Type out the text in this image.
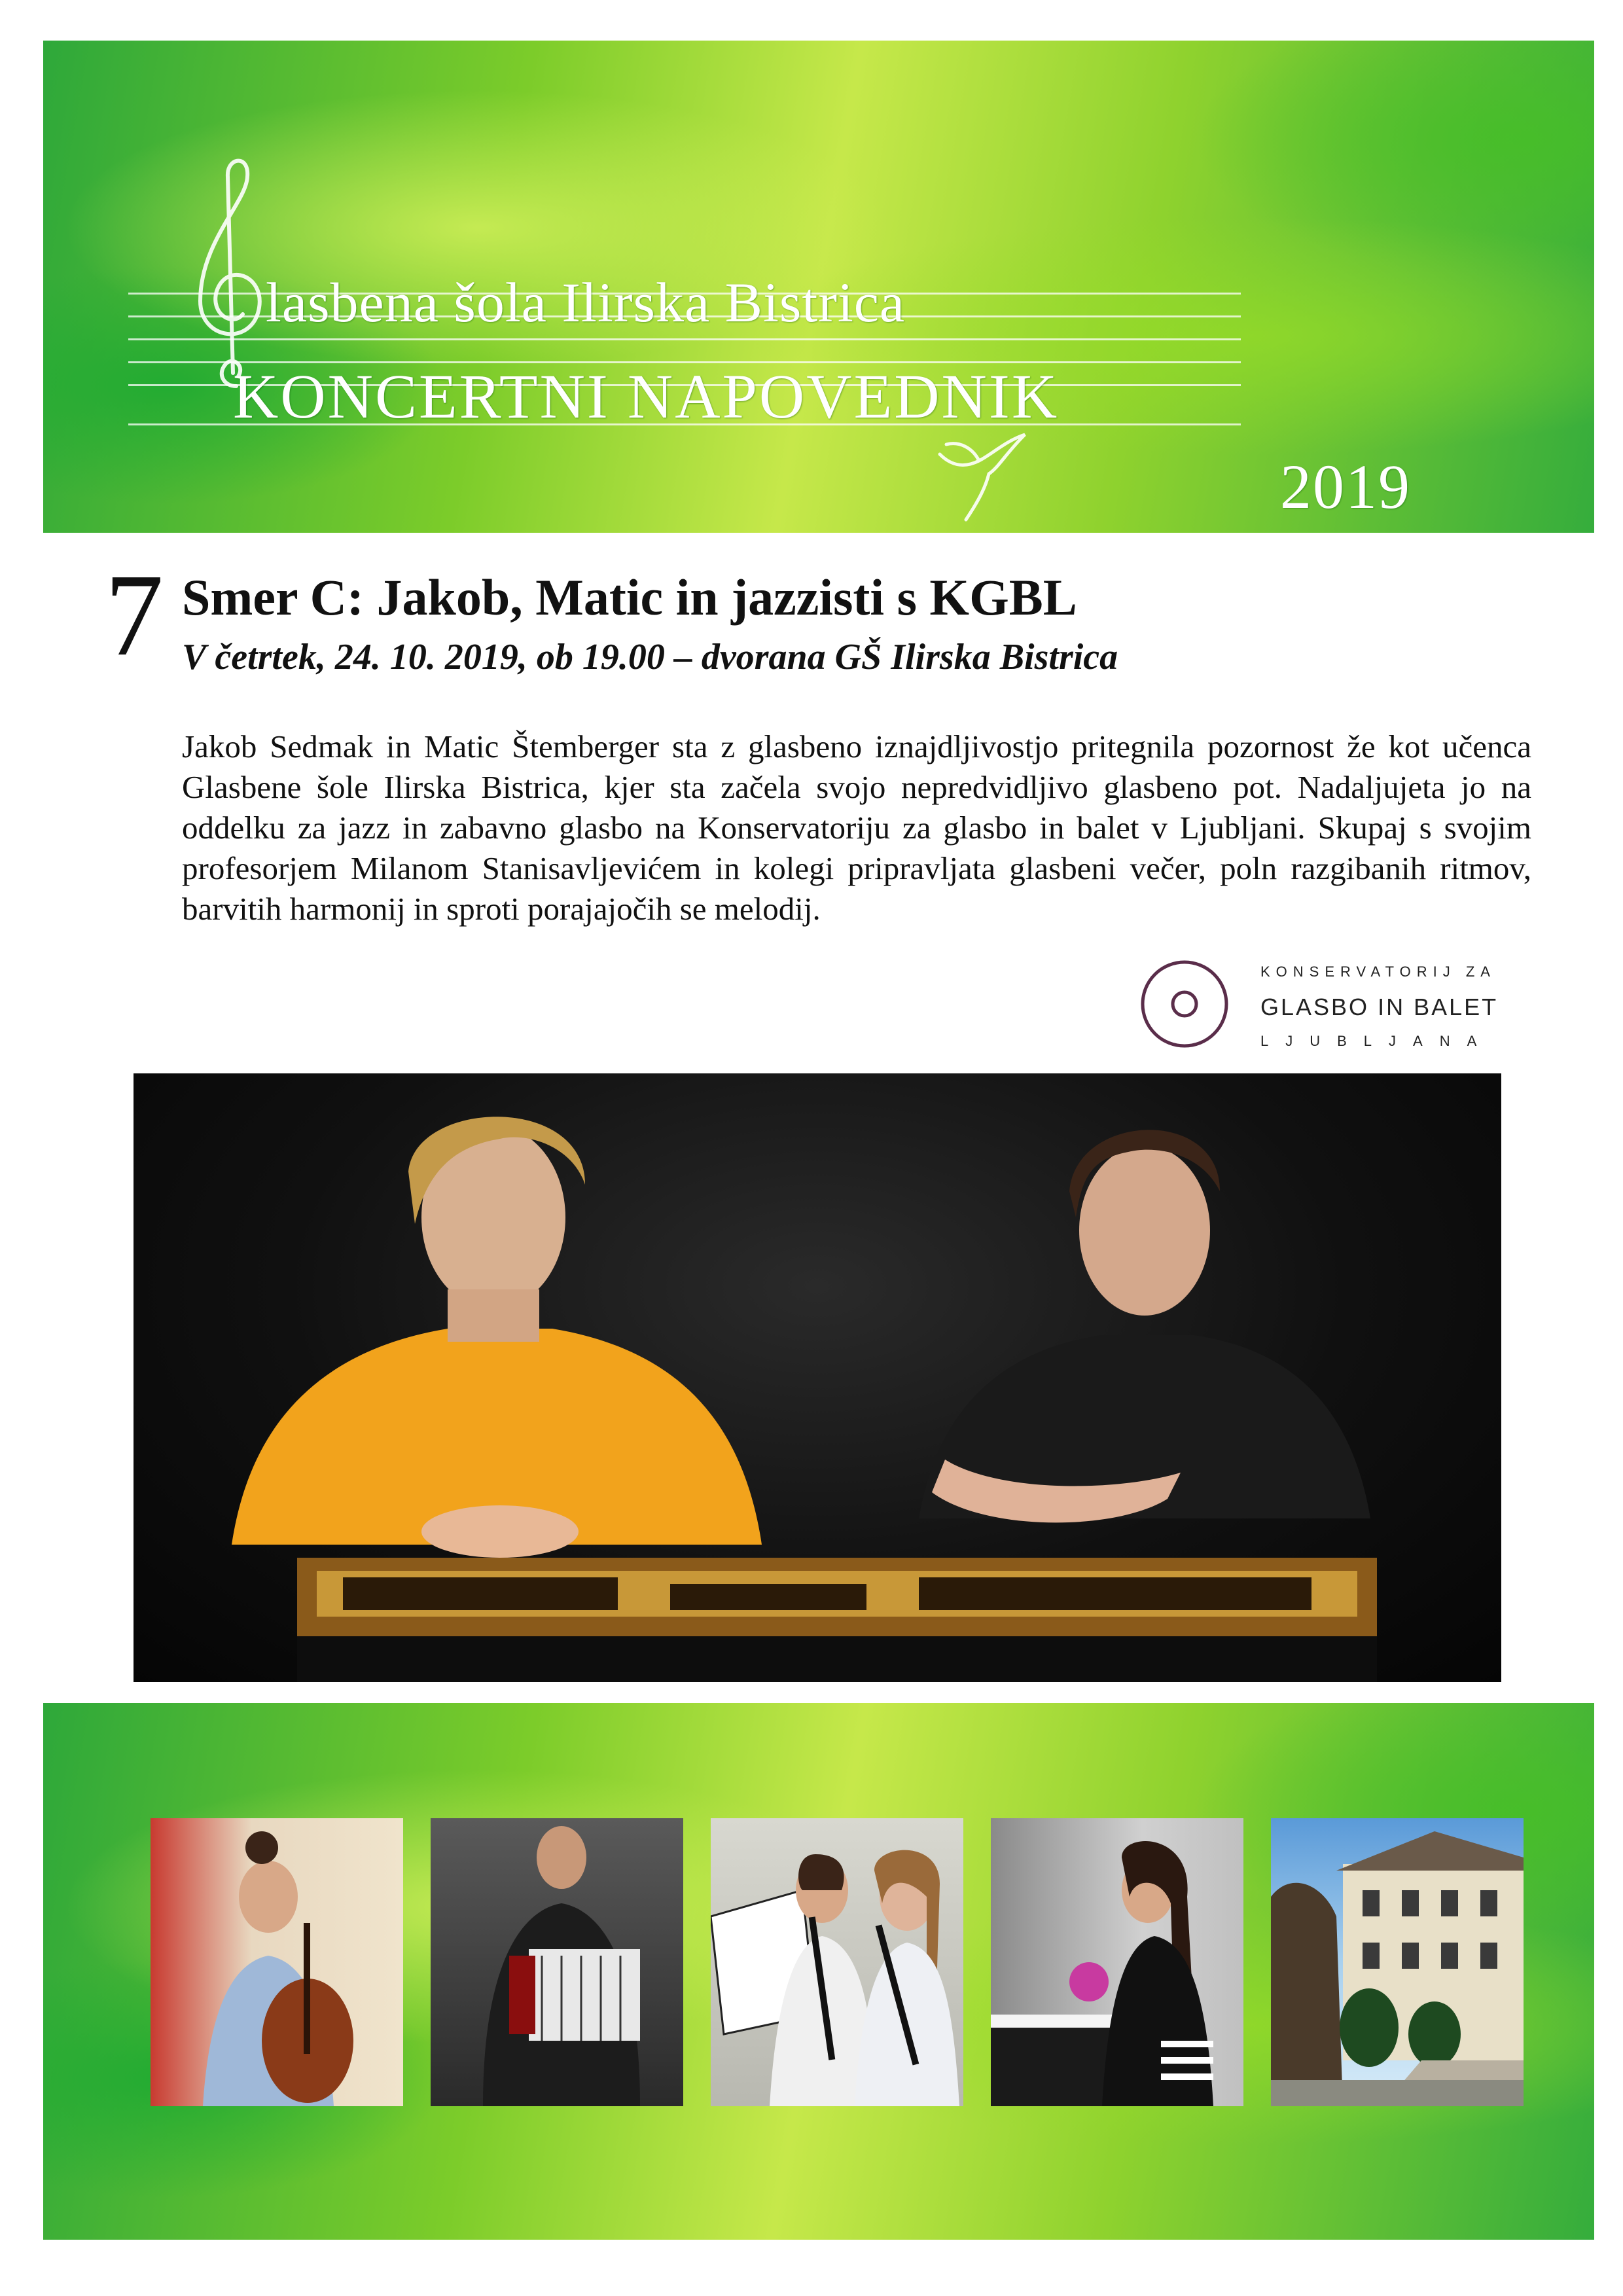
lasbena šola Ilirska Bistrica
KONCERTNI NAPOVEDNIK
2019
7 Smer C: Jakob, Matic in jazzisti s KGBL
V četrtek, 24. 10. 2019, ob 19.00 – dvorana GŠ Ilirska Bistrica

Jakob Sedmak in Matic Štemberger sta z glasbeno iznajdljivostjo pritegnila pozornost že kot učenca Glasbene šole Ilirska Bistrica, kjer sta začela svojo nepredvidljivo glasbeno pot. Nadaljujeta jo na oddelku za jazz in zabavno glasbo na Konservatoriju za glasbo in balet v Ljubljani. Skupaj s svojim profesorjem Milanom Stanisavljevićem in kolegi pripravljata glasbeni večer, poln razgibanih ritmov, barvitih harmonij in sproti porajajočih se melodij.

KONSERVATORIJ ZA
GLASBO IN BALET
LJUBLJANA
